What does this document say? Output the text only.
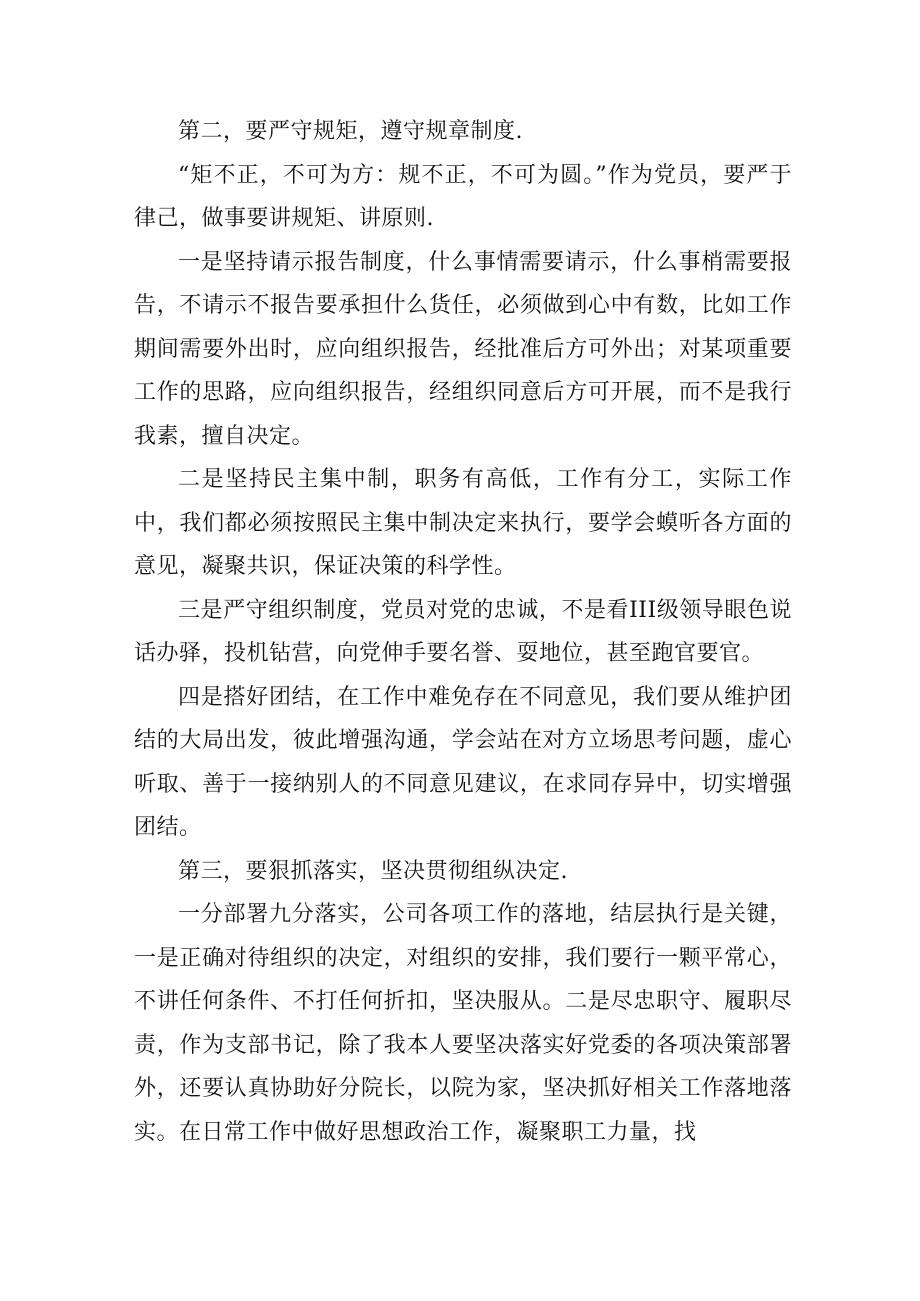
第二，要严守规矩，遵守规章制度.

“矩不正，不可为方：规不正，不可为圆。”作为党员，要严于律己，做事要讲规矩、讲原则.

一是坚持请示报告制度，什么事情需要请示，什么事梢需要报告，不请示不报告要承担什么货任，必须做到心中有数，比如工作期间需要外出时，应向组织报告，经批准后方可外出；对某项重要工作的思路，应向组织报告，经组织同意后方可开展，而不是我行我素，擅自决定。

二是坚持民主集中制，职务有高低，工作有分工，实际工作中，我们都必须按照民主集中制决定来执行，要学会蟆听各方面的意见，凝聚共识，保证决策的科学性。

三是严守组织制度，党员对党的忠诚，不是看III级领导眼色说话办驿，投机钻营，向党伸手要名誉、耍地位，甚至跑官要官。

四是搭好团结，在工作中难免存在不同意见，我们要从维护团结的大局出发，彼此增强沟通，学会站在对方立场思考问题，虚心听取、善于一接纳别人的不同意见建议，在求同存异中，切实增强团结。

第三，要狠抓落实，坚决贯彻组纵决定.

一分部署九分落实，公司各项工作的落地，结层执行是关键，一是正确对待组织的决定，对组织的安排，我们要行一颗平常心，不讲任何条件、不打任何折扣，坚决服从。二是尽忠职守、履职尽责，作为支部书记，除了我本人要坚决落实好党委的各项决策部署外，还要认真协助好分院长，以院为家，坚决抓好相关工作落地落实。在日常工作中做好思想政治工作，凝聚职工力量，找
